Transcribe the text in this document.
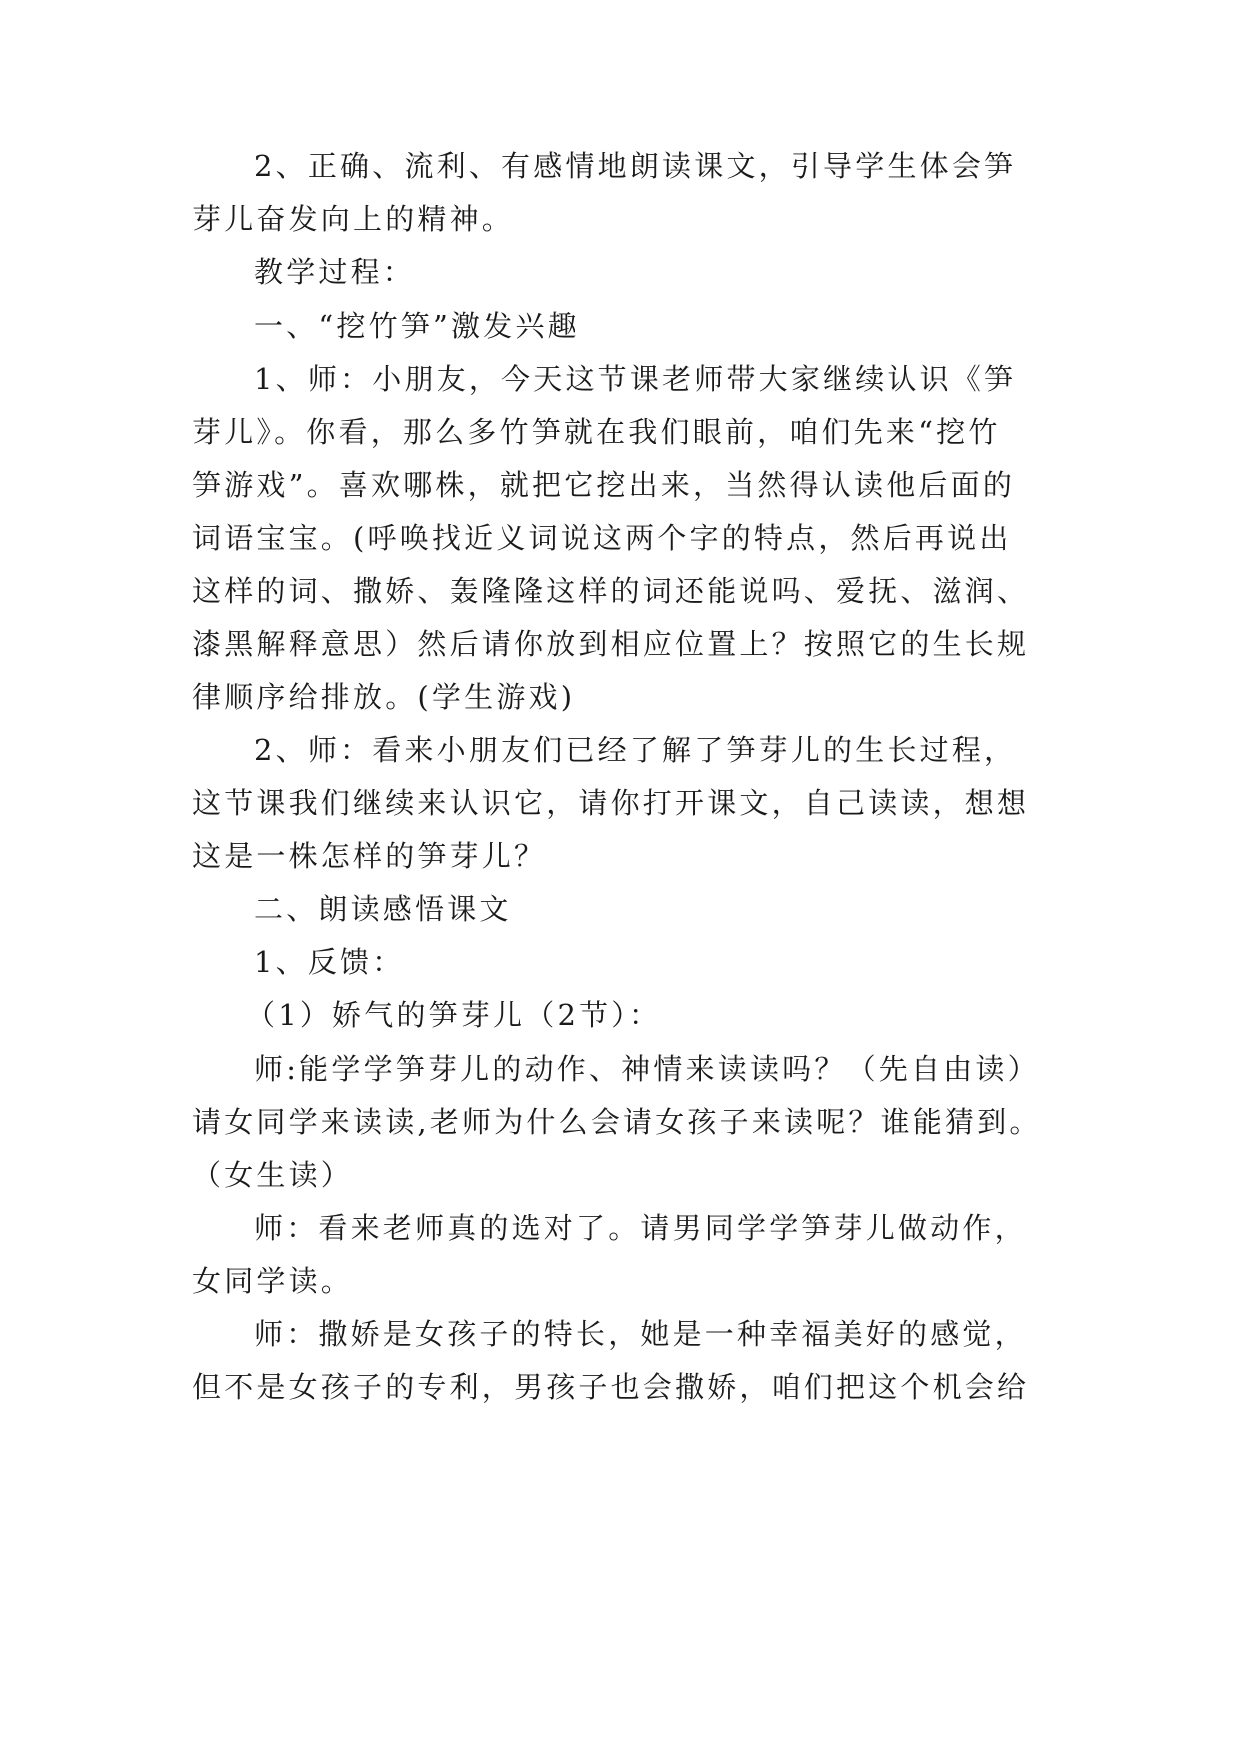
2、正确、流利、有感情地朗读课文，引导学生体会笋
芽儿奋发向上的精神。
教学过程：
一、“挖竹笋”激发兴趣
1、师：小朋友，今天这节课老师带大家继续认识《笋
芽儿》。你看，那么多竹笋就在我们眼前，咱们先来“挖竹
笋游戏”。喜欢哪株，就把它挖出来，当然得认读他后面的
词语宝宝。(呼唤找近义词说这两个字的特点，然后再说出
这样的词、撒娇、轰隆隆这样的词还能说吗、爱抚、滋润、
漆黑解释意思）然后请你放到相应位置上？按照它的生长规
律顺序给排放。(学生游戏)
2、师：看来小朋友们已经了解了笋芽儿的生长过程，
这节课我们继续来认识它，请你打开课文，自己读读，想想
这是一株怎样的笋芽儿？
二、朗读感悟课文
1、反馈：
（1）娇气的笋芽儿（2节）：
师:能学学笋芽儿的动作、神情来读读吗？（先自由读）
请女同学来读读,老师为什么会请女孩子来读呢？谁能猜到。
（女生读）
师：看来老师真的选对了。请男同学学笋芽儿做动作，
女同学读。
师：撒娇是女孩子的特长，她是一种幸福美好的感觉，
但不是女孩子的专利，男孩子也会撒娇，咱们把这个机会给
